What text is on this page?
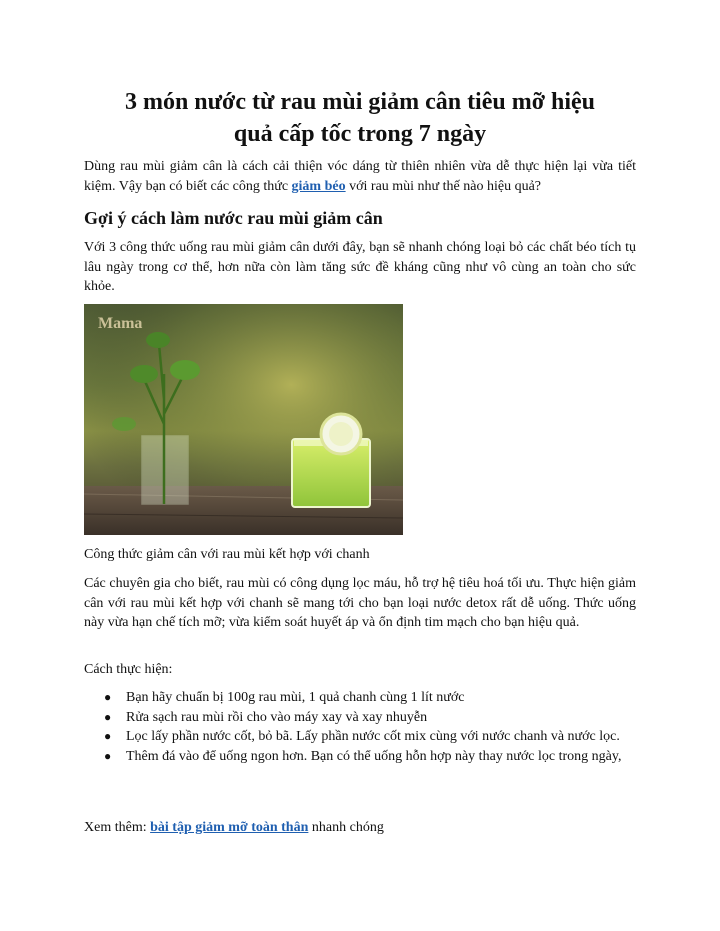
3 món nước từ rau mùi giảm cân tiêu mỡ hiệu
quả cấp tốc trong 7 ngày

Dùng rau mùi giảm cân là cách cải thiện vóc dáng từ thiên nhiên vừa dễ thực hiện lại vừa tiết kiệm. Vậy bạn có biết các công thức giảm béo với rau mùi như thế nào hiệu quả?

Gợi ý cách làm nước rau mùi giảm cân

Với 3 công thức uống rau mùi giảm cân dưới đây, bạn sẽ nhanh chóng loại bỏ các chất béo tích tụ lâu ngày trong cơ thể, hơn nữa còn làm tăng sức đề kháng cũng như vô cùng an toàn cho sức khỏe.

Mama

Công thức giảm cân với rau mùi kết hợp với chanh

Các chuyên gia cho biết, rau mùi có công dụng lọc máu, hỗ trợ hệ tiêu hoá tối ưu. Thực hiện giảm cân với rau mùi kết hợp với chanh sẽ mang tới cho bạn loại nước detox rất dễ uống. Thức uống này vừa hạn chế tích mỡ; vừa kiểm soát huyết áp và ổn định tim mạch cho bạn hiệu quả.

Cách thực hiện:

● Bạn hãy chuẩn bị 100g rau mùi, 1 quả chanh cùng 1 lít nước
● Rửa sạch rau mùi rồi cho vào máy xay và xay nhuyễn
● Lọc lấy phần nước cốt, bỏ bã. Lấy phần nước cốt mix cùng với nước chanh và nước lọc.
● Thêm đá vào để uống ngon hơn. Bạn có thể uống hỗn hợp này thay nước lọc trong ngày,

Xem thêm: bài tập giảm mỡ toàn thân nhanh chóng
